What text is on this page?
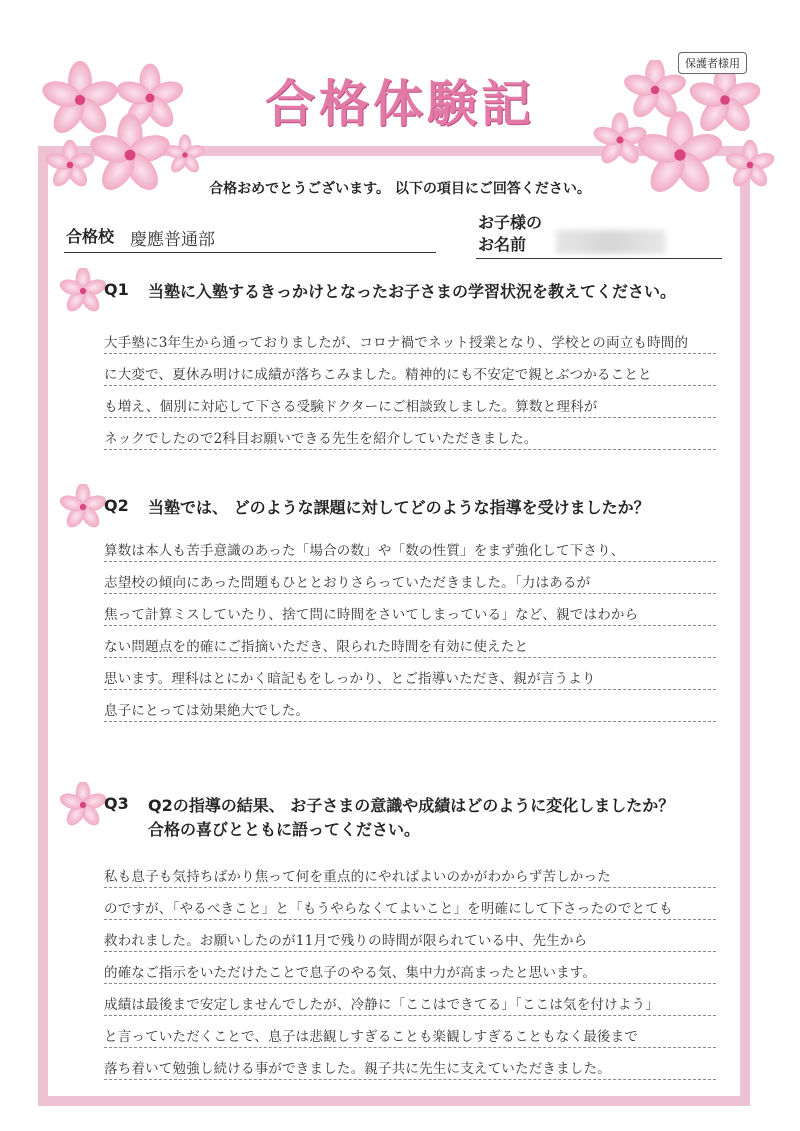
保護者様用
合格体験記
合格おめでとうございます。 以下の項目にご回答ください。
合格校 慶應普通部
お子様の
お名前
Q1	当塾に入塾するきっかけとなったお子さまの学習状況を教えてください。
大手塾に3年生から通っておりましたが、コロナ禍でネット授業となり、学校との両立も時間的
に大変で、夏休み明けに成績が落ちこみました。精神的にも不安定で親とぶつかることと
も増え、個別に対応して下さる受験ドクターにご相談致しました。算数と理科が
ネックでしたので2科目お願いできる先生を紹介していただきました。
Q2	当塾では、 どのような課題に対してどのような指導を受けましたか？
算数は本人も苦手意識のあった「場合の数」や「数の性質」をまず強化して下さり、
志望校の傾向にあった問題もひととおりさらっていただきました。「力はあるが
焦って計算ミスしていたり、捨て問に時間をさいてしまっている」など、親ではわから
ない問題点を的確にご指摘いただき、限られた時間を有効に使えたと
思います。理科はとにかく暗記もをしっかり、とご指導いただき、親が言うより
息子にとっては効果絶大でした。
Q3	Q2の指導の結果、 お子さまの意識や成績はどのように変化しましたか？
合格の喜びとともに語ってください。
私も息子も気持ちばかり焦って何を重点的にやればよいのかがわからず苦しかった
のですが、「やるべきこと」と「もうやらなくてよいこと」を明確にして下さったのでとても
救われました。お願いしたのが11月で残りの時間が限られている中、先生から
的確なご指示をいただけたことで息子のやる気、集中力が高まったと思います。
成績は最後まで安定しませんでしたが、冷静に「ここはできてる」「ここは気を付けよう」
と言っていただくことで、息子は悲観しすぎることも楽観しすぎることもなく最後まで
落ち着いて勉強し続ける事ができました。親子共に先生に支えていただきました。
